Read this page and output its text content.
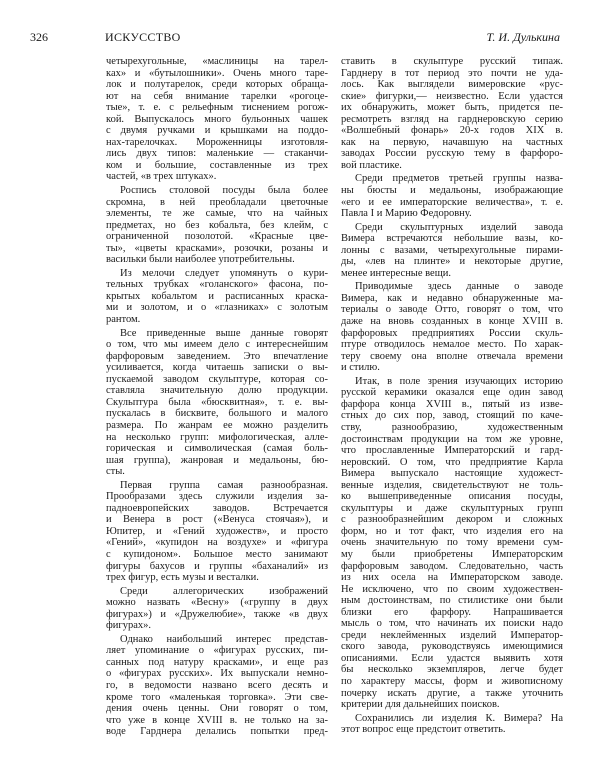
326	ИСКУССТВО	Т. И. Дулькина
четырехугольные, «маслиницы на тарел-
ках» и «бутылошники». Очень много таре-
лок и полутарелок, среди которых обраща-
ют на себя внимание тарелки «рогоце-
тые», т. е. с рельефным тиснением рогож-
кой. Выпускалось много бульонных чашек
с двумя ручками и крышками на поддо-
нах-тарелочках. Мороженницы изготовля-
лись двух типов: маленькие — стаканчи-
ком и большие, составленные из трех
частей, «в трех штуках».
Роспись столовой посуды была более
скромна, в ней преобладали цветочные
элементы, те же самые, что на чайных
предметах, но без кобальта, без клейм, с
ограниченной позолотой. «Красные цве-
ты», «цветы красками», розочки, розаны и
васильки были наиболее употребительны.
Из мелочи следует упомянуть о кури-
тельных трубках «голанского» фасона, по-
крытых кобальтом и расписанных краска-
ми и золотом, и о «глазниках» с золотым
рантом.
Все приведенные выше данные говорят
о том, что мы имеем дело с интереснейшим
фарфоровым заведением. Это впечатление
усиливается, когда читаешь записки о вы-
пускаемой заводом скульптуре, которая со-
ставляла значительную долю продукции.
Скульптура была «бюсквитная», т. е. вы-
пускалась в бисквите, большого и малого
размера. По жанрам ее можно разделить
на несколько групп: мифологическая, алле-
горическая и символическая (самая боль-
шая группа), жанровая и медальоны, бю-
сты.
Первая группа самая разнообразная.
Прообразами здесь служили изделия за-
падноевропейских заводов. Встречается
и Венера в рост («Венуса стоячая»), и
Юпитер, и «Гений художеств», и просто
«Гений», «купидон на воздухе» и «фигура
с купидоном». Большое место занимают
фигуры бахусов и группы «баханалий» из
трех фигур, есть музы и весталки.
Среди аллегорических изображений
можно назвать «Весну» («группу в двух
фигурах») и «Дружелюбие», также «в двух
фигурах».
Однако наибольший интерес представ-
ляет упоминание о «фигурах русских, пи-
санных под натуру красками», и еще раз
о «фигурах русских». Их выпускали немно-
го, в ведомости названо всего десять и
кроме того «маленькая торговка». Эти све-
дения очень ценны. Они говорят о том,
что уже в конце XVIII в. не только на за-
воде Гарднера делались попытки пред-
ставить в скульптуре русский типаж.
Гарднеру в тот период это почти не уда-
лось. Как выглядели вимеровские «рус-
ские» фигурки,— неизвестно. Если удастся
их обнаружить, может быть, придется пе-
ресмотреть взгляд на гарднеровскую серию
«Волшебный фонарь» 20-х годов XIX в.
как на первую, начавшую на частных
заводах России русскую тему в фарфоро-
вой пластике.
Среди предметов третьей группы назва-
ны бюсты и медальоны, изображающие
«его и ее императорские величества», т. е.
Павла I и Марию Федоровну.
Среди скульптурных изделий завода
Вимера встречаются небольшие вазы, ко-
лонны с вазами, четырехугольные пирами-
ды, «лев на плинте» и некоторые другие,
менее интересные вещи.
Приводимые здесь данные о заводе
Вимера, как и недавно обнаруженные ма-
териалы о заводе Отто, говорят о том, что
даже на вновь созданных в конце XVIII в.
фарфоровых предприятиях России скуль-
птуре отводилось немалое место. По харак-
теру своему она вполне отвечала времени
и стилю.
Итак, в поле зрения изучающих историю
русской керамики оказался еще один завод
фарфора конца XVIII в., пятый из изве-
стных до сих пор, завод, стоящий по каче-
ству, разнообразию, художественным
достоинствам продукции на том же уровне,
что прославленные Императорский и гард-
неровский. О том, что предприятие Карла
Вимера выпускало настоящие художест-
венные изделия, свидетельствуют не толь-
ко вышеприведенные описания посуды,
скульптуры и даже скульптурных групп
с разнообразнейшим декором и сложных
форм, но и тот факт, что изделия его на
очень значительную по тому времени сум-
му были приобретены Императорским
фарфоровым заводом. Следовательно, часть
из них осела на Императорском заводе.
Не исключено, что по своим художествен-
ным достоинствам, по стилистике они были
близки его фарфору. Напрашивается
мысль о том, что начинать их поиски надо
среди неклейменных изделий Император-
ского завода, руководствуясь имеющимися
описаниями. Если удастся выявить хотя
бы несколько экземпляров, легче будет
по характеру массы, форм и живописному
почерку искать другие, а также уточнить
критерии для дальнейших поисков.
Сохранились ли изделия К. Вимера? На
этот вопрос еще предстоит ответить.
